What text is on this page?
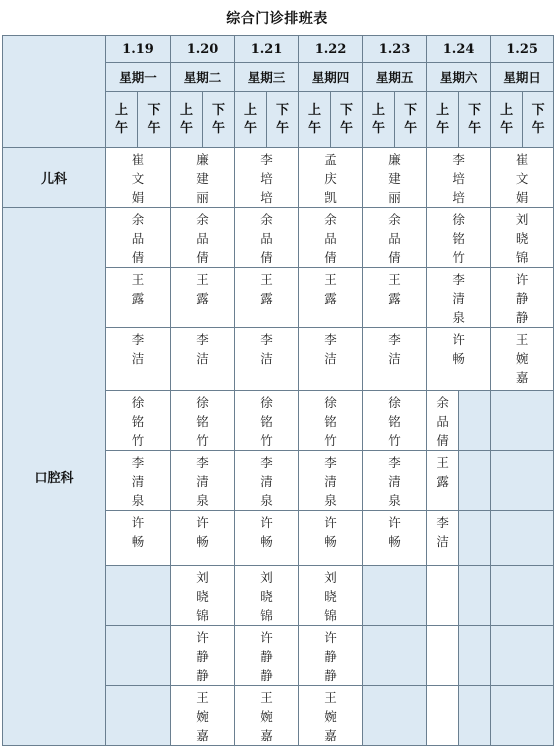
综合门诊排班表
	1.19		1.20		1.21		1.22		1.23		1.24		1.25	
	星期一		星期二		星期三		星期四		星期五		星期六		星期日	
	上午	下午	上午	下午	上午	下午	上午	下午	上午	下午	上午	下午	上午	下午
儿科	崔文娟		廉建丽		李培培		孟庆凯		廉建丽		李培培		崔文娟	
口腔科	余品倩		余品倩		余品倩		余品倩		余品倩		徐铭竹		刘晓锦	
	王露		王露		王露		王露		王露		李清泉		许静静	
	李洁		李洁		李洁		李洁		李洁		许畅		王婉嘉	
	徐铭竹		徐铭竹		徐铭竹		徐铭竹		徐铭竹		余品倩			
	李清泉		李清泉		李清泉		李清泉		李清泉		王露			
	许畅		许畅		许畅		许畅		许畅		李洁			
			刘晓锦		刘晓锦		刘晓锦							
			许静静		许静静		许静静							
			王婉嘉		王婉嘉		王婉嘉							
